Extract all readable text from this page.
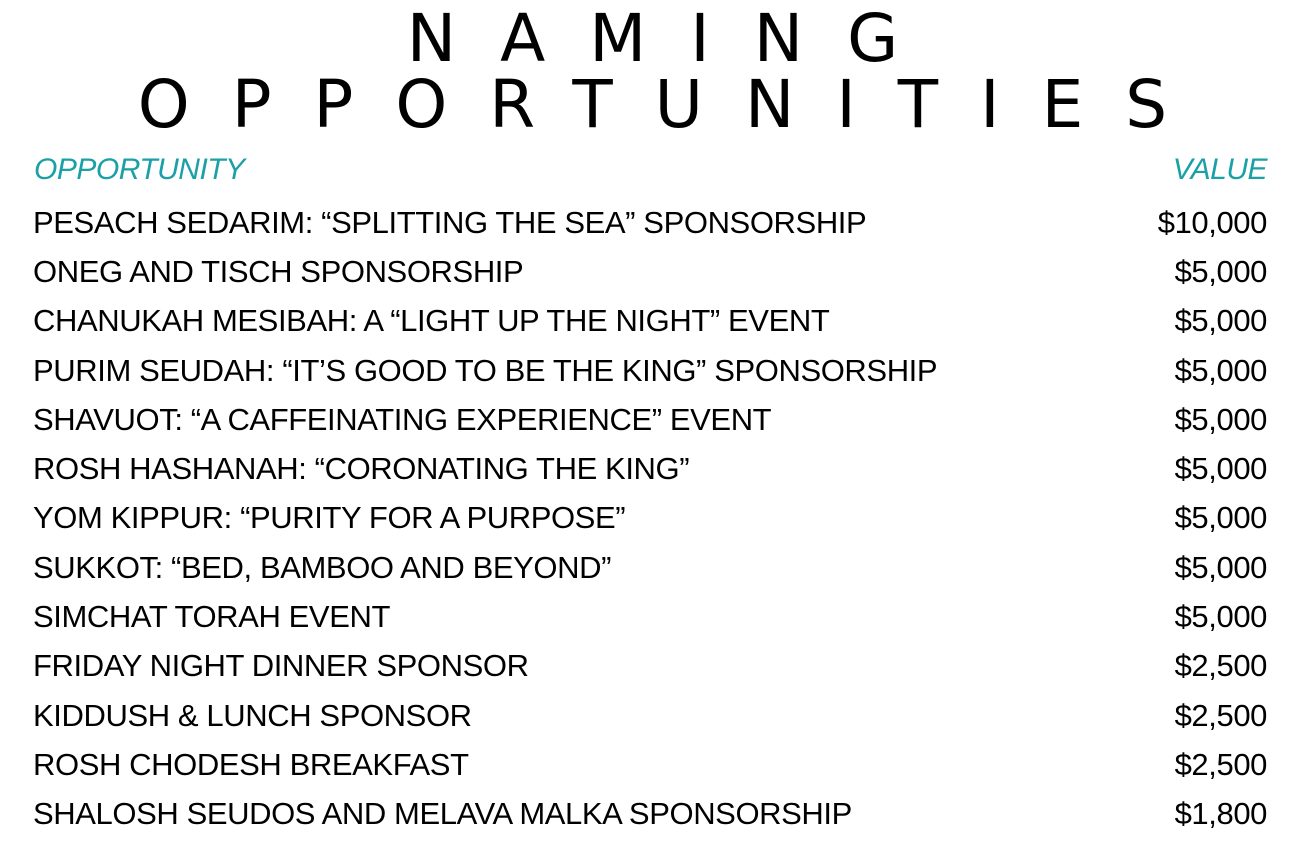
NAMING
OPPORTUNITIES
OPPORTUNITY	VALUE
PESACH SEDARIM: “SPLITTING THE SEA” SPONSORSHIP	$10,000
ONEG AND TISCH SPONSORSHIP	$5,000
CHANUKAH MESIBAH: A “LIGHT UP THE NIGHT” EVENT	$5,000
PURIM SEUDAH: “IT’S GOOD TO BE THE KING” SPONSORSHIP	$5,000
SHAVUOT: “A CAFFEINATING EXPERIENCE” EVENT	$5,000
ROSH HASHANAH: “CORONATING THE KING”	$5,000
YOM KIPPUR: “PURITY FOR A PURPOSE”	$5,000
SUKKOT: “BED, BAMBOO AND BEYOND”	$5,000
SIMCHAT TORAH EVENT	$5,000
FRIDAY NIGHT DINNER SPONSOR	$2,500
KIDDUSH & LUNCH SPONSOR	$2,500
ROSH CHODESH BREAKFAST	$2,500
SHALOSH SEUDOS AND MELAVA MALKA SPONSORSHIP	$1,800
